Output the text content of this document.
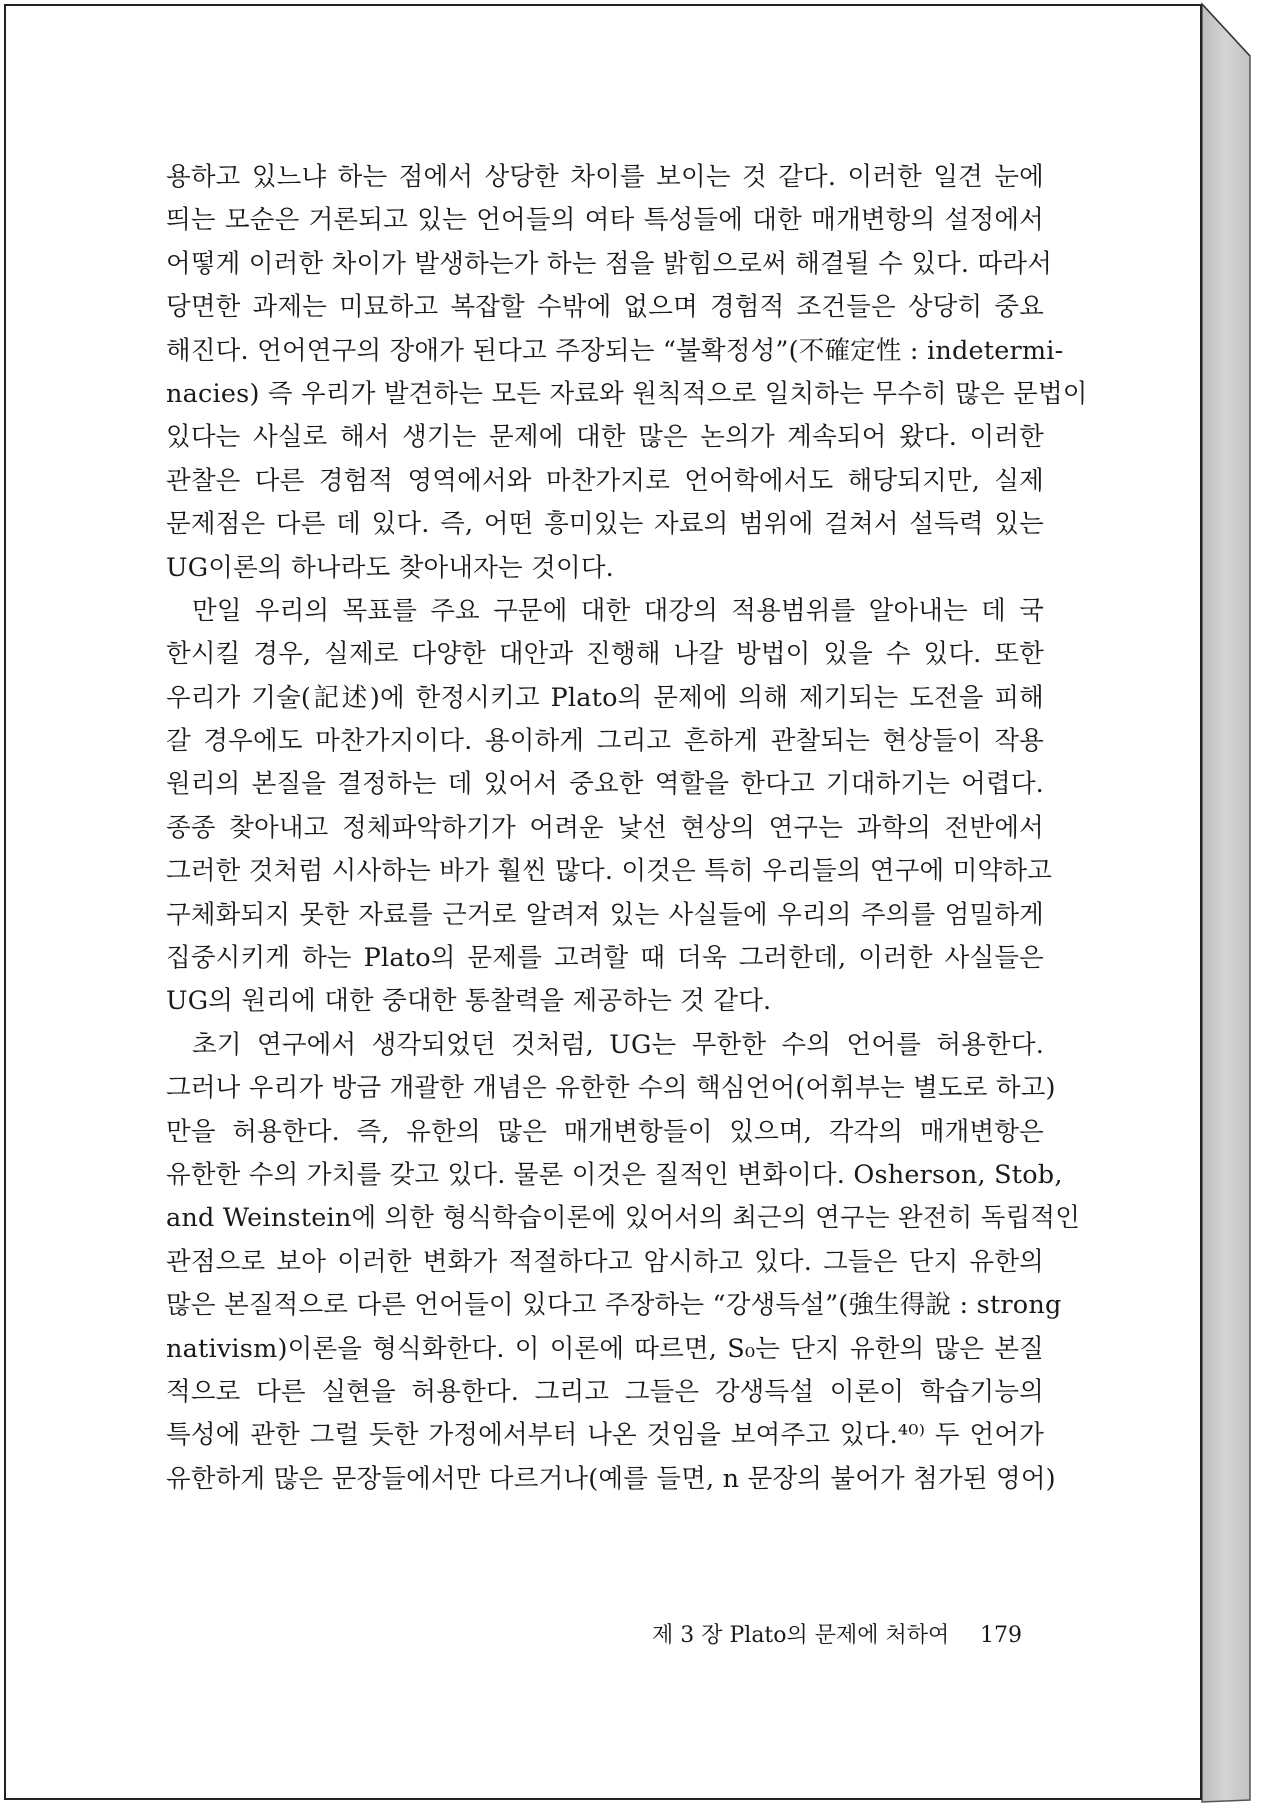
용하고 있느냐 하는 점에서 상당한 차이를 보이는 것 같다. 이러한 일견 눈에
띄는 모순은 거론되고 있는 언어들의 여타 특성들에 대한 매개변항의 설정에서
어떻게 이러한 차이가 발생하는가 하는 점을 밝힘으로써 해결될 수 있다. 따라서
당면한 과제는 미묘하고 복잡할 수밖에 없으며 경험적 조건들은 상당히 중요
해진다. 언어연구의 장애가 된다고 주장되는 “불확정성”(不確定性 : indetermi-
nacies) 즉 우리가 발견하는 모든 자료와 원칙적으로 일치하는 무수히 많은 문법이
있다는 사실로 해서 생기는 문제에 대한 많은 논의가 계속되어 왔다. 이러한
관찰은 다른 경험적 영역에서와 마찬가지로 언어학에서도 해당되지만, 실제
문제점은 다른 데 있다. 즉, 어떤 흥미있는 자료의 범위에 걸쳐서 설득력 있는
UG이론의 하나라도 찾아내자는 것이다.
만일 우리의 목표를 주요 구문에 대한 대강의 적용범위를 알아내는 데 국
한시킬 경우, 실제로 다양한 대안과 진행해 나갈 방법이 있을 수 있다. 또한
우리가 기술(記述)에 한정시키고 Plato의 문제에 의해 제기되는 도전을 피해
갈 경우에도 마찬가지이다. 용이하게 그리고 흔하게 관찰되는 현상들이 작용
원리의 본질을 결정하는 데 있어서 중요한 역할을 한다고 기대하기는 어렵다.
종종 찾아내고 정체파악하기가 어려운 낯선 현상의 연구는 과학의 전반에서
그러한 것처럼 시사하는 바가 훨씬 많다. 이것은 특히 우리들의 연구에 미약하고
구체화되지 못한 자료를 근거로 알려져 있는 사실들에 우리의 주의를 엄밀하게
집중시키게 하는 Plato의 문제를 고려할 때 더욱 그러한데, 이러한 사실들은
UG의 원리에 대한 중대한 통찰력을 제공하는 것 같다.
초기 연구에서 생각되었던 것처럼, UG는 무한한 수의 언어를 허용한다.
그러나 우리가 방금 개괄한 개념은 유한한 수의 핵심언어(어휘부는 별도로 하고)
만을 허용한다. 즉, 유한의 많은 매개변항들이 있으며, 각각의 매개변항은
유한한 수의 가치를 갖고 있다. 물론 이것은 질적인 변화이다. Osherson, Stob,
and Weinstein에 의한 형식학습이론에 있어서의 최근의 연구는 완전히 독립적인
관점으로 보아 이러한 변화가 적절하다고 암시하고 있다. 그들은 단지 유한의
많은 본질적으로 다른 언어들이 있다고 주장하는 “강생득설”(強生得說 : strong
nativism)이론을 형식화한다. 이 이론에 따르면, S₀는 단지 유한의 많은 본질
적으로 다른 실현을 허용한다. 그리고 그들은 강생득설 이론이 학습기능의
특성에 관한 그럴 듯한 가정에서부터 나온 것임을 보여주고 있다.⁴⁰⁾ 두 언어가
유한하게 많은 문장들에서만 다르거나(예를 들면, n 문장의 불어가 첨가된 영어)
제 3 장 Plato의 문제에 처하여 179
